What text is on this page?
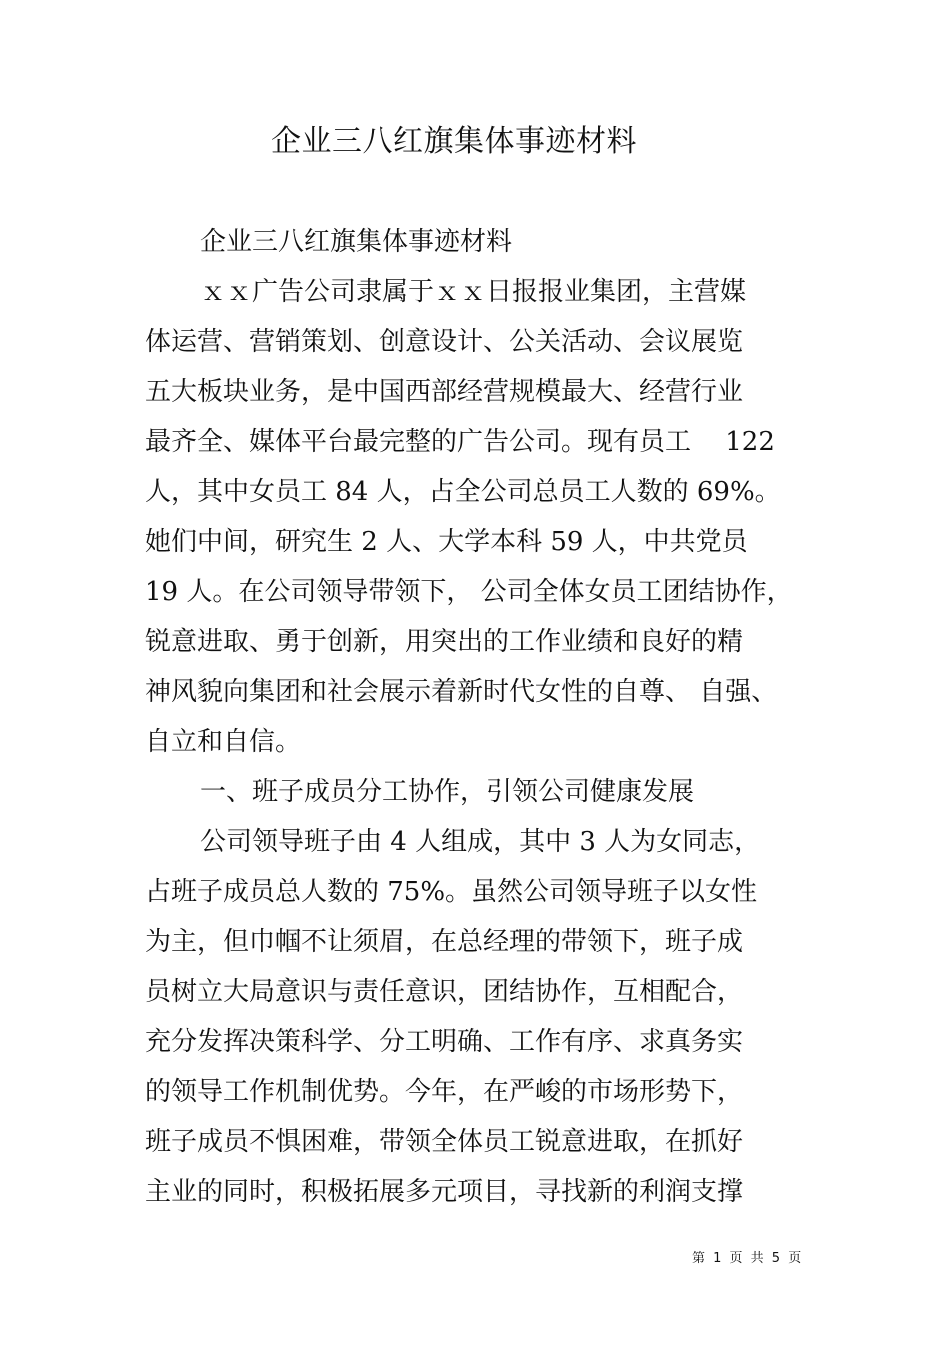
企业三八红旗集体事迹材料
企业三八红旗集体事迹材料
ｘｘ广告公司隶属于ｘｘ日报报业集团，主营媒
体运营、营销策划、创意设计、公关活动、会议展览
五大板块业务，是中国西部经营规模最大、经营行业
最齐全、媒体平台最完整的广告公司。现有员工　 122
人，其中女员工 84 人，占全公司总员工人数的 69%。
她们中间，研究生 2 人、大学本科 59 人，中共党员
19 人。在公司领导带领下， 公司全体女员工团结协作，
锐意进取、勇于创新，用突出的工作业绩和良好的精
神风貌向集团和社会展示着新时代女性的自尊、 自强、
自立和自信。
一、班子成员分工协作，引领公司健康发展
公司领导班子由 4 人组成，其中 3 人为女同志，
占班子成员总人数的 75%。虽然公司领导班子以女性
为主，但巾帼不让须眉，在总经理的带领下，班子成
员树立大局意识与责任意识，团结协作，互相配合，
充分发挥决策科学、分工明确、工作有序、求真务实
的领导工作机制优势。今年，在严峻的市场形势下，
班子成员不惧困难，带领全体员工锐意进取，在抓好
主业的同时，积极拓展多元项目，寻找新的利润支撑
第 1 页 共 5 页
